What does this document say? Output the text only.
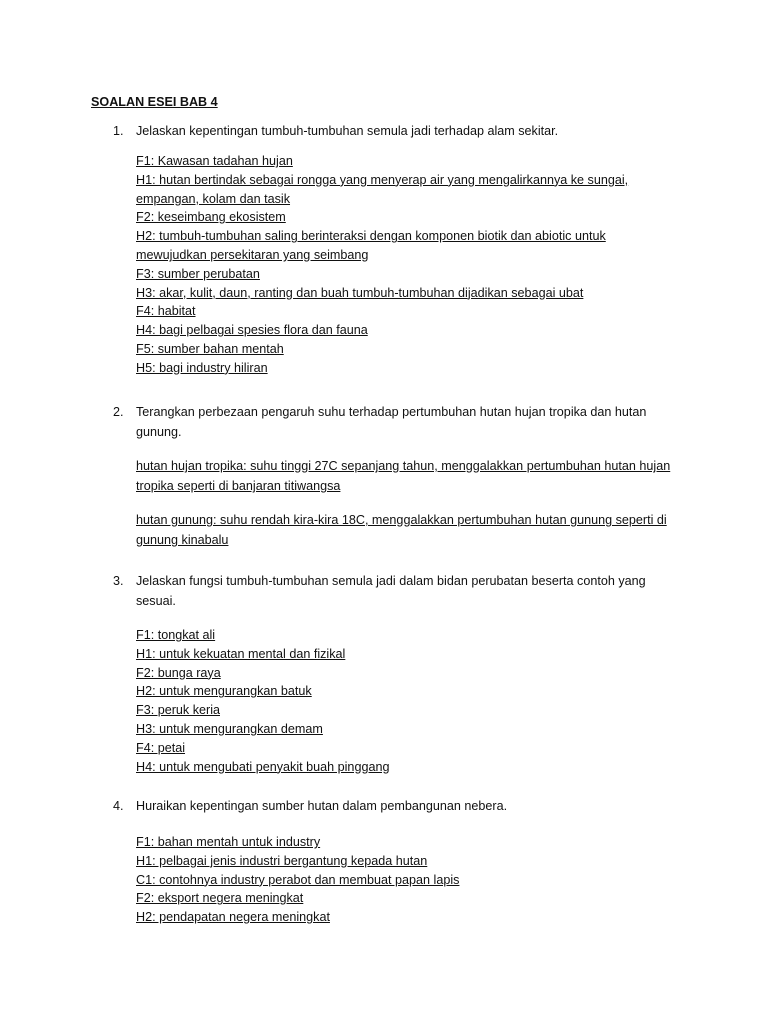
SOALAN ESEI BAB 4
1. Jelaskan kepentingan tumbuh-tumbuhan semula jadi terhadap alam sekitar.
F1: Kawasan tadahan hujan
H1: hutan bertindak sebagai rongga yang menyerap air yang mengalirkannya ke sungai,
empangan, kolam dan tasik
F2: keseimbang ekosistem
H2: tumbuh-tumbuhan saling berinteraksi dengan komponen biotik dan abiotic untuk
mewujudkan persekitaran yang seimbang
F3: sumber perubatan
H3: akar, kulit, daun, ranting dan buah tumbuh-tumbuhan dijadikan sebagai ubat
F4: habitat
H4: bagi pelbagai spesies flora dan fauna
F5: sumber bahan mentah
H5: bagi industry hiliran
2. Terangkan perbezaan pengaruh suhu terhadap pertumbuhan hutan hujan tropika dan hutan
gunung.
hutan hujan tropika: suhu tinggi 27C sepanjang tahun, menggalakkan pertumbuhan hutan hujan
tropika seperti di banjaran titiwangsa
hutan gunung: suhu rendah kira-kira 18C, menggalakkan pertumbuhan hutan gunung seperti di
gunung kinabalu
3. Jelaskan fungsi tumbuh-tumbuhan semula jadi dalam bidan perubatan beserta contoh yang
sesuai.
F1: tongkat ali
H1: untuk kekuatan mental dan fizikal
F2: bunga raya
H2: untuk mengurangkan batuk
F3: peruk keria
H3: untuk mengurangkan demam
F4: petai
H4: untuk mengubati penyakit buah pinggang
4. Huraikan kepentingan sumber hutan dalam pembangunan nebera.
F1: bahan mentah untuk industry
H1: pelbagai jenis industri bergantung kepada hutan
C1: contohnya industry perabot dan membuat papan lapis
F2: eksport negera meningkat
H2: pendapatan negera meningkat
